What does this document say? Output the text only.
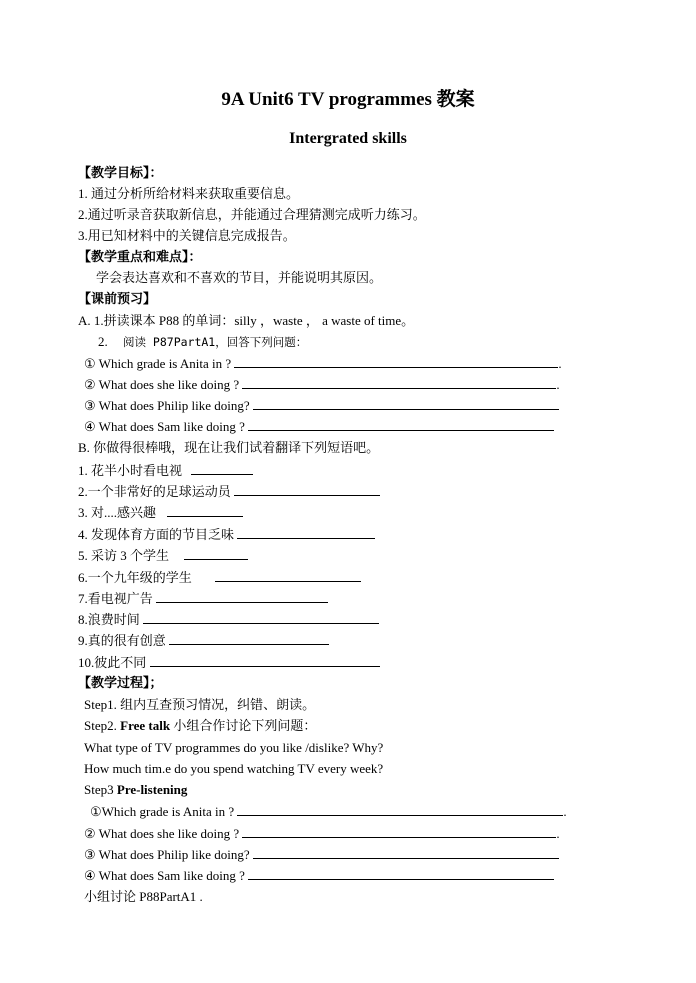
9A Unit6 TV programmes 教案
Intergrated skills
【教学目标】：
1. 通过分析所给材料来获取重要信息。
2.通过听录音获取新信息，并能通过合理猜测完成听力练习。
3.用已知材料中的关键信息完成报告。
【教学重点和难点】：
学会表达喜欢和不喜欢的节目，并能说明其原因。
【课前预习】
A. 1.拼读课本 P88 的单词：silly ，waste ， a waste of time。
2. 阅读 P87PartA1，回答下列问题：
① Which grade is Anita in ?	.
② What does she like doing ?	.
③ What does Philip like doing?
④ What does Sam like doing ?
B. 你做得很棒哦，现在让我们试着翻译下列短语吧。
1. 花半小时看电视
2.一个非常好的足球运动员
3. 对....感兴趣
4. 发现体育方面的节目乏味
5. 采访 3 个学生
6.一个九年级的学生
7.看电视广告
8.浪费时间
9.真的很有创意
10.彼此不同
【教学过程】；
Step1. 组内互查预习情况，纠错、朗读。
Step2. Free talk 小组合作讨论下列问题：
What type of TV programmes do you like /dislike? Why?
How much tim.e do you spend watching TV every week?
Step3 Pre-listening
①Which grade is Anita in ?	.
② What does she like doing ?	.
③ What does Philip like doing?
④ What does Sam like doing ?
小组讨论 P88PartA1 .
